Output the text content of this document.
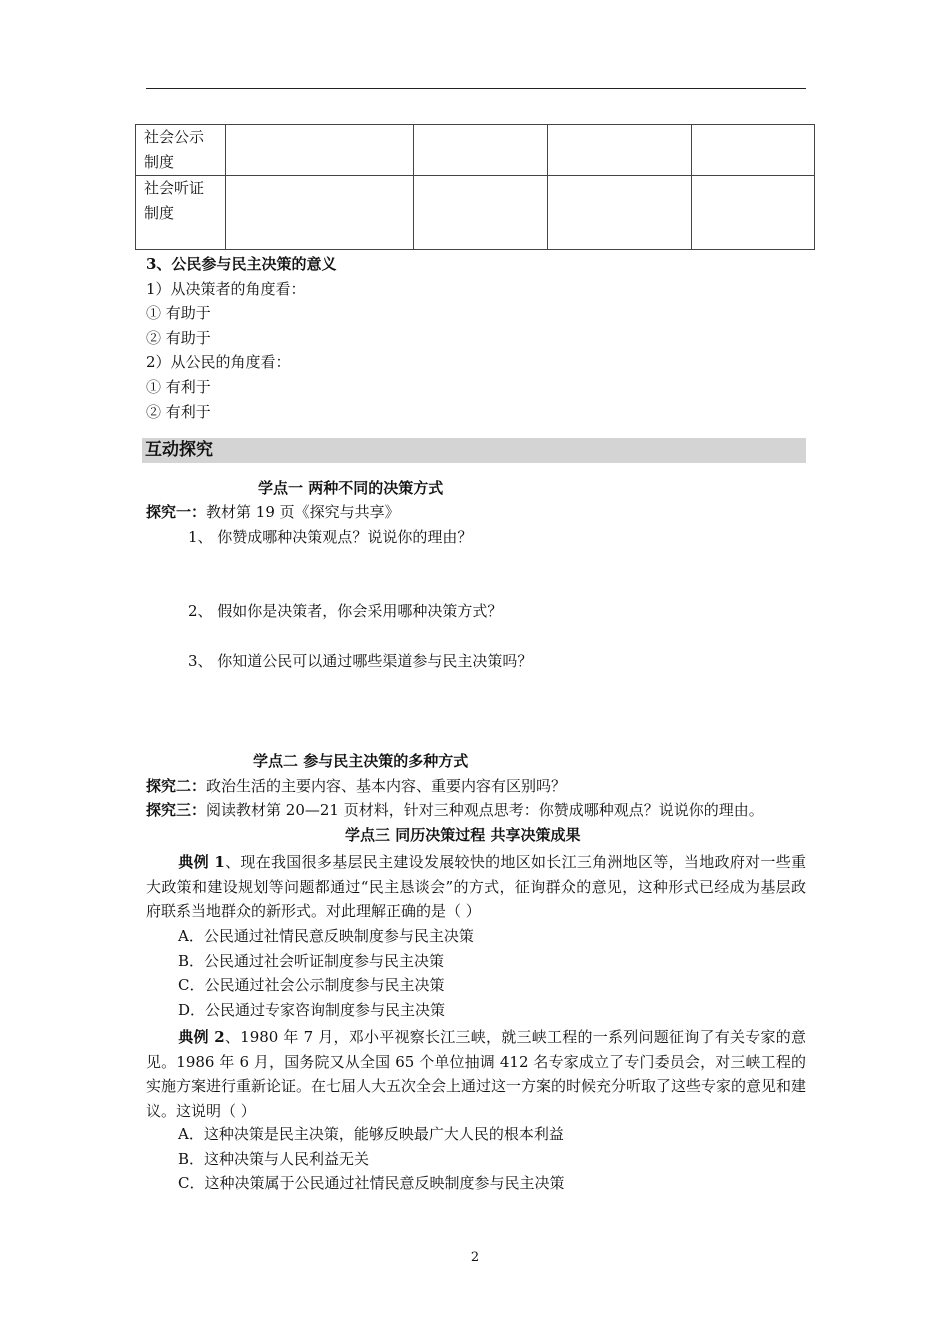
社会公示
制度				

社会听证
制度				

3、公民参与民主决策的意义
1）从决策者的角度看：
① 有助于
② 有助于
2）从公民的角度看：
① 有利于
② 有利于
互动探究
学点一 两种不同的决策方式
探究一：教材第 19 页《探究与共享》
1、 你赞成哪种决策观点？说说你的理由？
2、 假如你是决策者，你会采用哪种决策方式？
3、 你知道公民可以通过哪些渠道参与民主决策吗？
学点二 参与民主决策的多种方式
探究二：政治生活的主要内容、基本内容、重要内容有区别吗？
探究三：阅读教材第 20—21 页材料，针对三种观点思考：你赞成哪种观点？说说你的理由。
学点三 同历决策过程 共享决策成果
典例 1、现在我国很多基层民主建设发展较快的地区如长江三角洲地区等，当地政府对一些重大政策和建设规划等问题都通过“民主恳谈会”的方式，征询群众的意见，这种形式已经成为基层政府联系当地群众的新形式。对此理解正确的是（ ）
A．公民通过社情民意反映制度参与民主决策
B．公民通过社会听证制度参与民主决策
C．公民通过社会公示制度参与民主决策
D．公民通过专家咨询制度参与民主决策
典例 2、1980 年 7 月，邓小平视察长江三峡，就三峡工程的一系列问题征询了有关专家的意见。1986 年 6 月，国务院又从全国 65 个单位抽调 412 名专家成立了专门委员会，对三峡工程的实施方案进行重新论证。在七届人大五次全会上通过这一方案的时候充分听取了这些专家的意见和建议。这说明（ ）
A．这种决策是民主决策，能够反映最广大人民的根本利益
B．这种决策与人民利益无关
C．这种决策属于公民通过社情民意反映制度参与民主决策
2
